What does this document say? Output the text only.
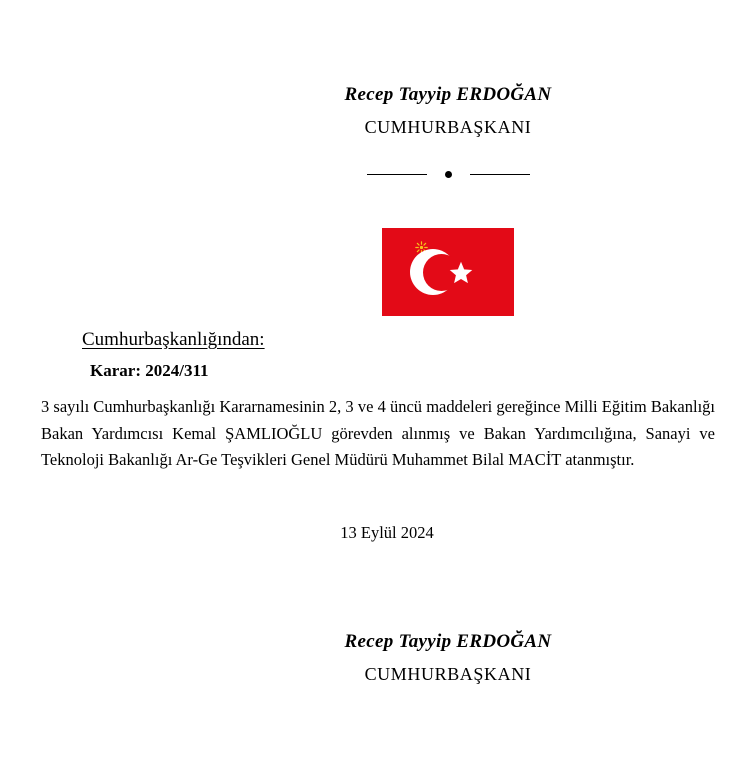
Recep Tayyip ERDOĞAN
CUMHURBAŞKANI
Cumhurbaşkanlığından:
Karar: 2024/311
3 sayılı Cumhurbaşkanlığı Kararnamesinin 2, 3 ve 4 üncü maddeleri gereğince Milli Eğitim Bakanlığı Bakan Yardımcısı Kemal ŞAMLIOĞLU görevden alınmış ve Bakan Yardımcılığına, Sanayi ve Teknoloji Bakanlığı Ar-Ge Teşvikleri Genel Müdürü Muhammet Bilal MACİT atanmıştır.
13 Eylül 2024
Recep Tayyip ERDOĞAN
CUMHURBAŞKANI
